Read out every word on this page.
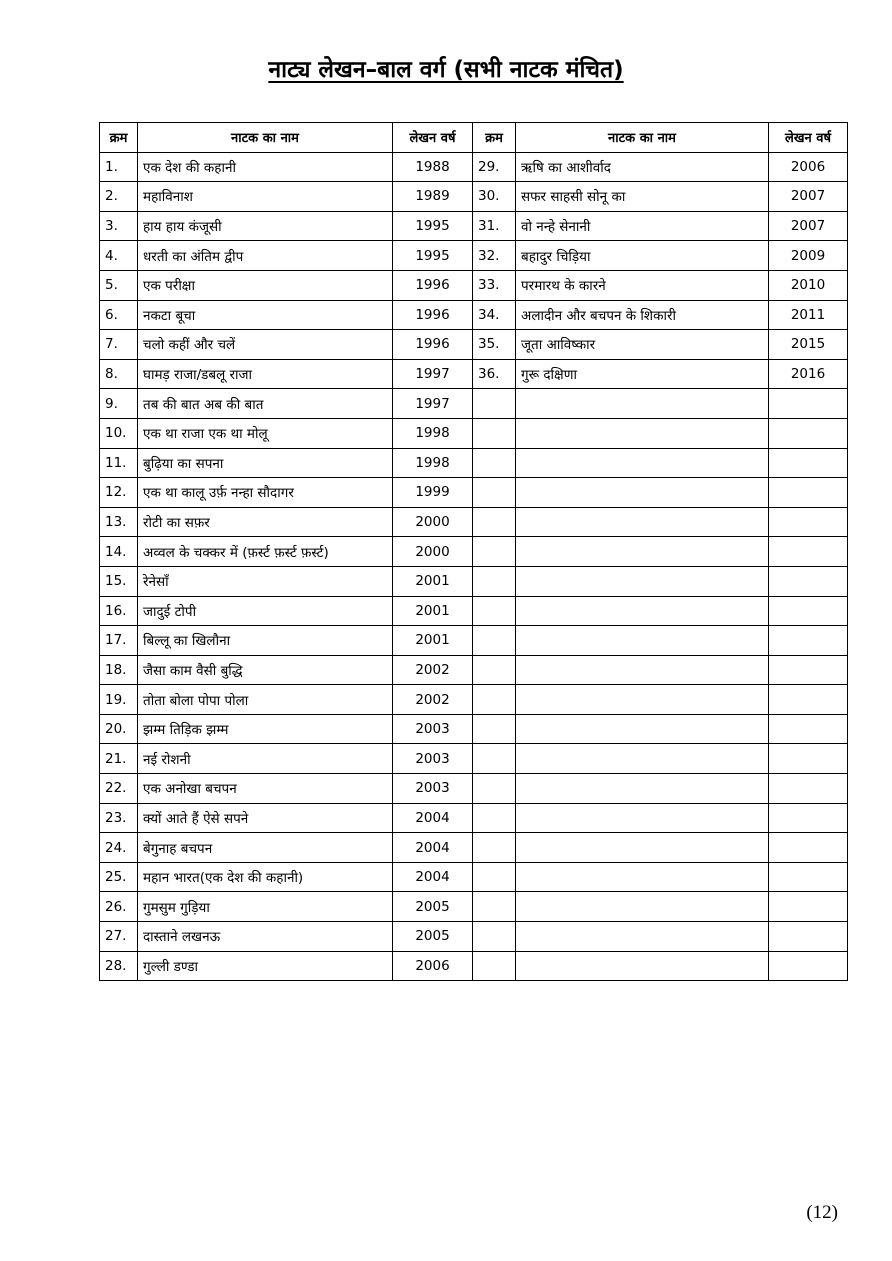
नाट्य लेखन–बाल वर्ग (सभी नाटक मंचित)
क्रम	नाटक का नाम	लेखन वर्ष	क्रम	नाटक का नाम	लेखन वर्ष
1.	एक देश की कहानी	1988	29.	ऋषि का आशीर्वाद	2006
2.	महाविनाश	1989	30.	सफर साहसी सोनू का	2007
3.	हाय हाय कंजूसी	1995	31.	वो नन्हे सेनानी	2007
4.	धरती का अंतिम द्वीप	1995	32.	बहादुर चिड़िया	2009
5.	एक परीक्षा	1996	33.	परमारथ के कारने	2010
6.	नकटा बूचा	1996	34.	अलादीन और बचपन के शिकारी	2011
7.	चलो कहीं और चलें	1996	35.	जूता आविष्कार	2015
8.	घामड़ राजा/डबलू राजा	1997	36.	गुरू दक्षिणा	2016
9.	तब की बात अब की बात	1997			
10.	एक था राजा एक था मोलू	1998			
11.	बुढ़िया का सपना	1998			
12.	एक था कालू उर्फ़ नन्हा सौदागर	1999			
13.	रोटी का सफ़र	2000			
14.	अव्वल के चक्कर में (फ़र्स्ट फ़र्स्ट फ़र्स्ट)	2000			
15.	रेनेसॉं	2001			
16.	जादुई टोपी	2001			
17.	बिल्लू का खिलौना	2001			
18.	जैसा काम वैसी बुद्धि	2002			
19.	तोता बोला पोपा पोला	2002			
20.	झम्म तिड़िक झम्म	2003			
21.	नई रोशनी	2003			
22.	एक अनोखा बचपन	2003			
23.	क्यों आते हैं ऐसे सपने	2004			
24.	बेगुनाह बचपन	2004			
25.	महान भारत(एक देश की कहानी)	2004			
26.	गुमसुम गुड़िया	2005			
27.	दास्ताने लखनऊ	2005			
28.	गुल्ली डण्डा	2006			
(12)
